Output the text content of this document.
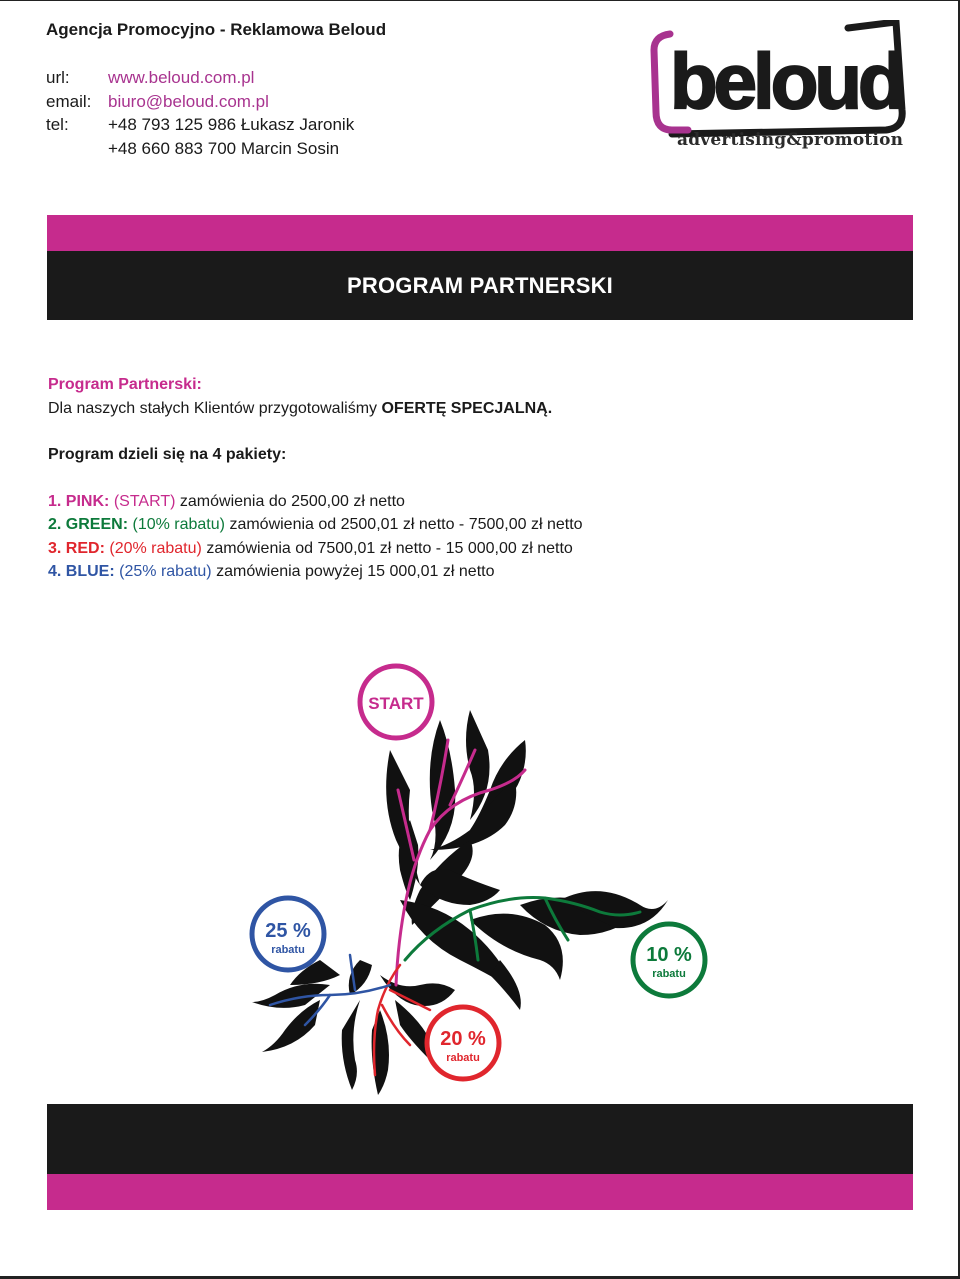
Agencja Promocyjno - Reklamowa Beloud
url:	www.beloud.com.pl
email: biuro@beloud.com.pl
tel:	+48 793 125 986 Łukasz Jaronik
+48 660 883 700 Marcin Sosin
beloud
advertising&promotion
PROGRAM PARTNERSKI
Program Partnerski:
Dla naszych stałych Klientów przygotowaliśmy OFERTĘ SPECJALNĄ.
Program dzieli się na 4 pakiety:
1. PINK: (START) zamówienia do 2500,00 zł netto
2. GREEN: (10% rabatu) zamówienia od 2500,01 zł netto - 7500,00 zł netto
3. RED: (20% rabatu) zamówienia od 7500,01 zł netto - 15 000,00 zł netto
4. BLUE: (25% rabatu) zamówienia powyżej 15 000,01 zł netto
START
25 %
rabatu	10 %
rabatu
20 %
rabatu
